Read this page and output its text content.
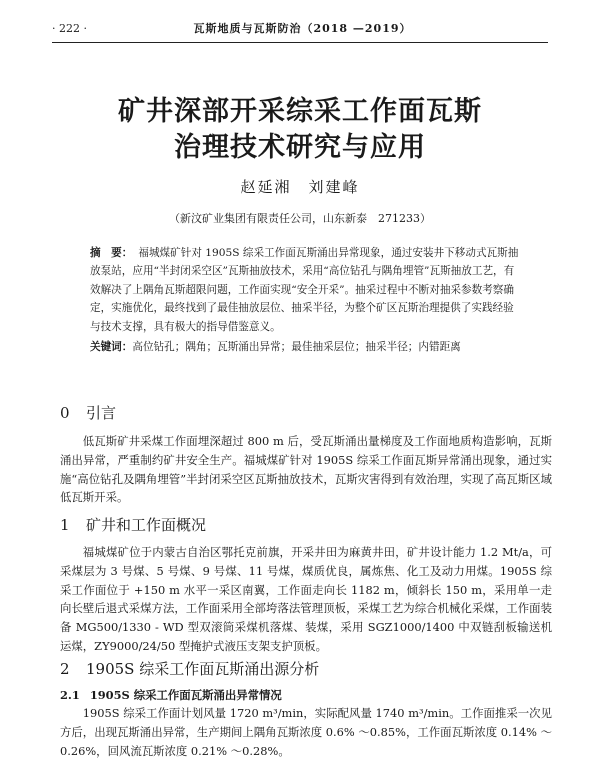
· 222 ·	瓦斯地质与瓦斯防治（2018 —2019）
矿井深部开采综采工作面瓦斯
治理技术研究与应用
赵延湘　刘建峰
（新汶矿业集团有限责任公司，山东新泰　271233）
摘　要： 福城煤矿针对 1905S 综采工作面瓦斯涌出异常现象，通过安装井下移动式瓦斯抽放泵站，应用“半封闭采空区”瓦斯抽放技术，采用“高位钻孔与隅角埋管”瓦斯抽放工艺，有效解决了上隅角瓦斯超限问题，工作面实现“安全开采”。抽采过程中不断对抽采参数考察确定，实施优化，最终找到了最佳抽放层位、抽采半径，为整个矿区瓦斯治理提供了实践经验与技术支撑，具有极大的指导借鉴意义。
关键词：高位钻孔；隅角；瓦斯涌出异常；最佳抽采层位；抽采半径；内错距离
0 引言
低瓦斯矿井采煤工作面埋深超过 800 m 后，受瓦斯涌出量梯度及工作面地质构造影响，瓦斯涌出异常，严重制约矿井安全生产。福城煤矿针对 1905S 综采工作面瓦斯异常涌出现象，通过实施“高位钻孔及隅角埋管”半封闭采空区瓦斯抽放技术，瓦斯灾害得到有效治理，实现了高瓦斯区域低瓦斯开采。
1 矿井和工作面概况
福城煤矿位于内蒙古自治区鄂托克前旗，开采井田为麻黄井田，矿井设计能力 1.2 Mt/a，可采煤层为 3 号煤、5 号煤、9 号煤、11 号煤，煤质优良，属炼焦、化工及动力用煤。1905S 综采工作面位于 +150 m 水平一采区南翼，工作面走向长 1182 m，倾斜长 150 m，采用单一走向长壁后退式采煤方法，工作面采用全部垮落法管理顶板，采煤工艺为综合机械化采煤，工作面装备 MG500/1330 - WD 型双滚筒采煤机落煤、装煤，采用 SGZ1000/1400 中双链刮板输送机运煤，ZY9000/24/50 型掩护式液压支架支护顶板。
2 1905S 综采工作面瓦斯涌出源分析
2.1 1905S 综采工作面瓦斯涌出异常情况
1905S 综采工作面计划风量 1720 m³/min，实际配风量 1740 m³/min。工作面推采一次见方后，出现瓦斯涌出异常，生产期间上隅角瓦斯浓度 0.6% ～0.85%，工作面瓦斯浓度 0.14% ～0.26%，回风流瓦斯浓度 0.21% ～0.28%。
